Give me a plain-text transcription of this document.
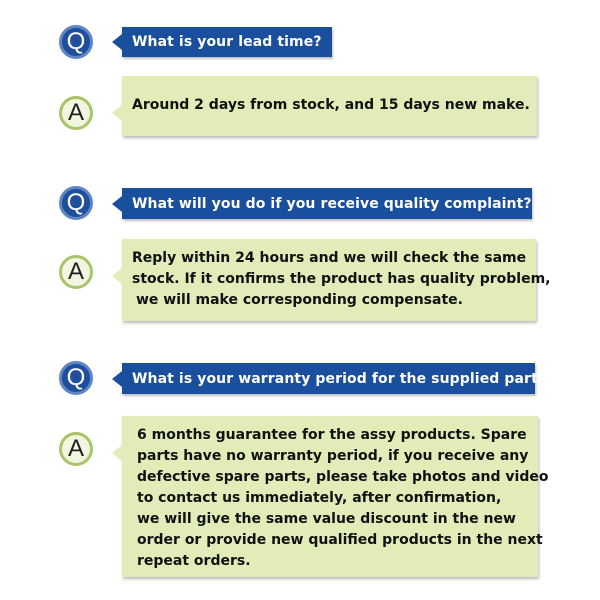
Q	What is your lead time?
A	Around 2 days from stock, and 15 days new make.
Q	What will you do if you receive quality complaint?
A	Reply within 24 hours and we will check the same
stock. If it confirms the product has quality problem,
we will make corresponding compensate.
Q	What is your warranty period for the supplied parts?
A	6 months guarantee for the assy products. Spare
parts have no warranty period, if you receive any
defective spare parts, please take photos and video
to contact us immediately, after confirmation,
we will give the same value discount in the new
order or provide new qualified products in the next
repeat orders.
